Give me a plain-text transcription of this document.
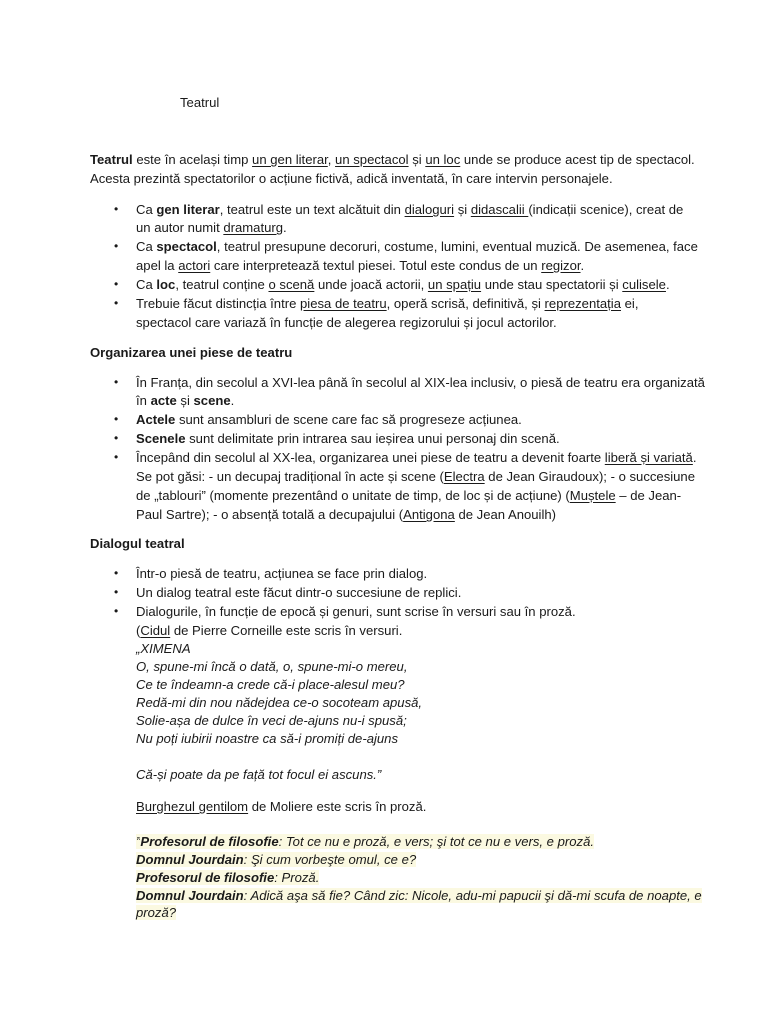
Teatrul
Teatrul este în același timp un gen literar, un spectacol și un loc unde se produce acest tip de spectacol.
Acesta prezintă spectatorilor o acțiune fictivă, adică inventată, în care intervin personajele.
• Ca gen literar, teatrul este un text alcătuit din dialoguri și didascalii (indicații scenice), creat de
un autor numit dramaturg.
• Ca spectacol, teatrul presupune decoruri, costume, lumini, eventual muzică. De asemenea, face
apel la actori care interpretează textul piesei. Totul este condus de un regizor.
• Ca loc, teatrul conține o scenă unde joacă actorii, un spațiu unde stau spectatorii și culisele.
• Trebuie făcut distincția între piesa de teatru, operă scrisă, definitivă, și reprezentația ei,
spectacol care variază în funcție de alegerea regizorului și jocul actorilor.
Organizarea unei piese de teatru
• În Franța, din secolul a XVI-lea până în secolul al XIX-lea inclusiv, o piesă de teatru era organizată
în acte și scene.
• Actele sunt ansambluri de scene care fac să progreseze acțiunea.
• Scenele sunt delimitate prin intrarea sau ieșirea unui personaj din scenă.
• Începând din secolul al XX-lea, organizarea unei piese de teatru a devenit foarte liberă și variată.
Se pot găsi: - un decupaj tradițional în acte și scene (Electra de Jean Giraudoux); - o succesiune
de „tablouri” (momente prezentând o unitate de timp, de loc și de acțiune) (Muștele – de Jean-
Paul Sartre); - o absență totală a decupajului (Antigona de Jean Anouilh)
Dialogul teatral
• Într-o piesă de teatru, acțiunea se face prin dialog.
• Un dialog teatral este făcut dintr-o succesiune de replici.
• Dialogurile, în funcție de epocă și genuri, sunt scrise în versuri sau în proză.
(Cidul de Pierre Corneille este scris în versuri.
„XIMENA
O, spune-mi încă o dată, o, spune-mi-o mereu,
Ce te îndeamn-a crede că-i place-alesul meu?
Redă-mi din nou nădejdea ce-o socoteam apusă,
Solie-așa de dulce în veci de-ajuns nu-i spusă;
Nu poți iubirii noastre ca să-i promiți de-ajuns
Că-și poate da pe față tot focul ei ascuns.”
Burghezul gentilom de Moliere este scris în proză.
”Profesorul de filosofie: Tot ce nu e proză, e vers; şi tot ce nu e vers, e proză.
Domnul Jourdain: Şi cum vorbeşte omul, ce e?
Profesorul de filosofie: Proză.
Domnul Jourdain: Adică aşa să fie? Când zic: Nicole, adu-mi papucii şi dă-mi scufa de noapte, e
proză?
